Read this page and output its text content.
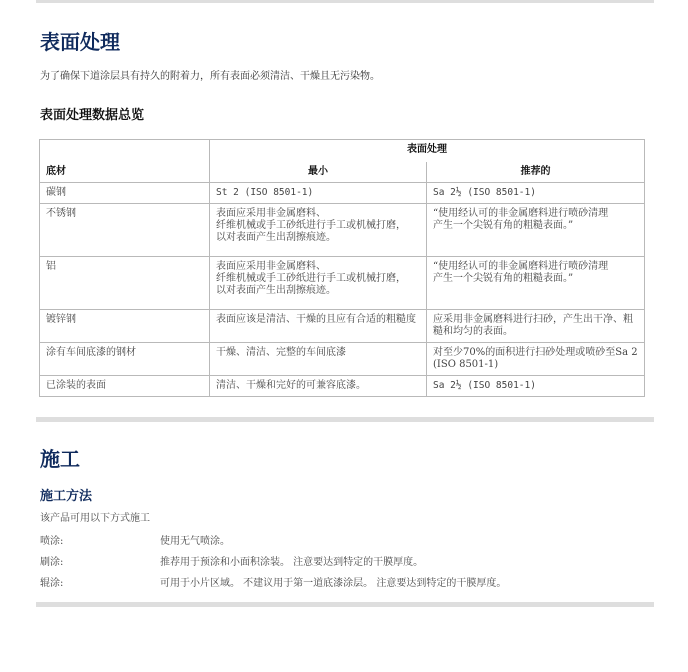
表面处理
为了确保下道涂层具有持久的附着力，所有表面必须清洁、干燥且无污染物。
表面处理数据总览
底材	表面处理	
	最小	推荐的
碳钢	St 2 (ISO 8501-1)	Sa 2½ (ISO 8501-1)
不锈钢	表面应采用非金属磨料、
纤维机械或手工砂纸进行手工或机械打磨，
以对表面产生出刮擦痕迹。	“使用经认可的非金属磨料进行喷砂清理
产生一个尖锐有角的粗糙表面。”
铝	表面应采用非金属磨料、
纤维机械或手工砂纸进行手工或机械打磨，
以对表面产生出刮擦痕迹。	“使用经认可的非金属磨料进行喷砂清理
产生一个尖锐有角的粗糙表面。”
镀锌钢	表面应该是清洁、干燥的且应有合适的粗糙度	应采用非金属磨料进行扫砂，产生出干净、粗糙和均匀的表面。
涂有车间底漆的钢材	干燥、清洁、完整的车间底漆	对至少70%的面积进行扫砂处理或喷砂至Sa 2 (ISO 8501-1)
已涂装的表面	清洁、干燥和完好的可兼容底漆。	Sa 2½ (ISO 8501-1)
施工
施工方法
该产品可用以下方式施工
喷涂:	使用无气喷涂。
刷涂:	推荐用于预涂和小面积涂装。 注意要达到特定的干膜厚度。
辊涂:	可用于小片区域。 不建议用于第一道底漆涂层。 注意要达到特定的干膜厚度。
